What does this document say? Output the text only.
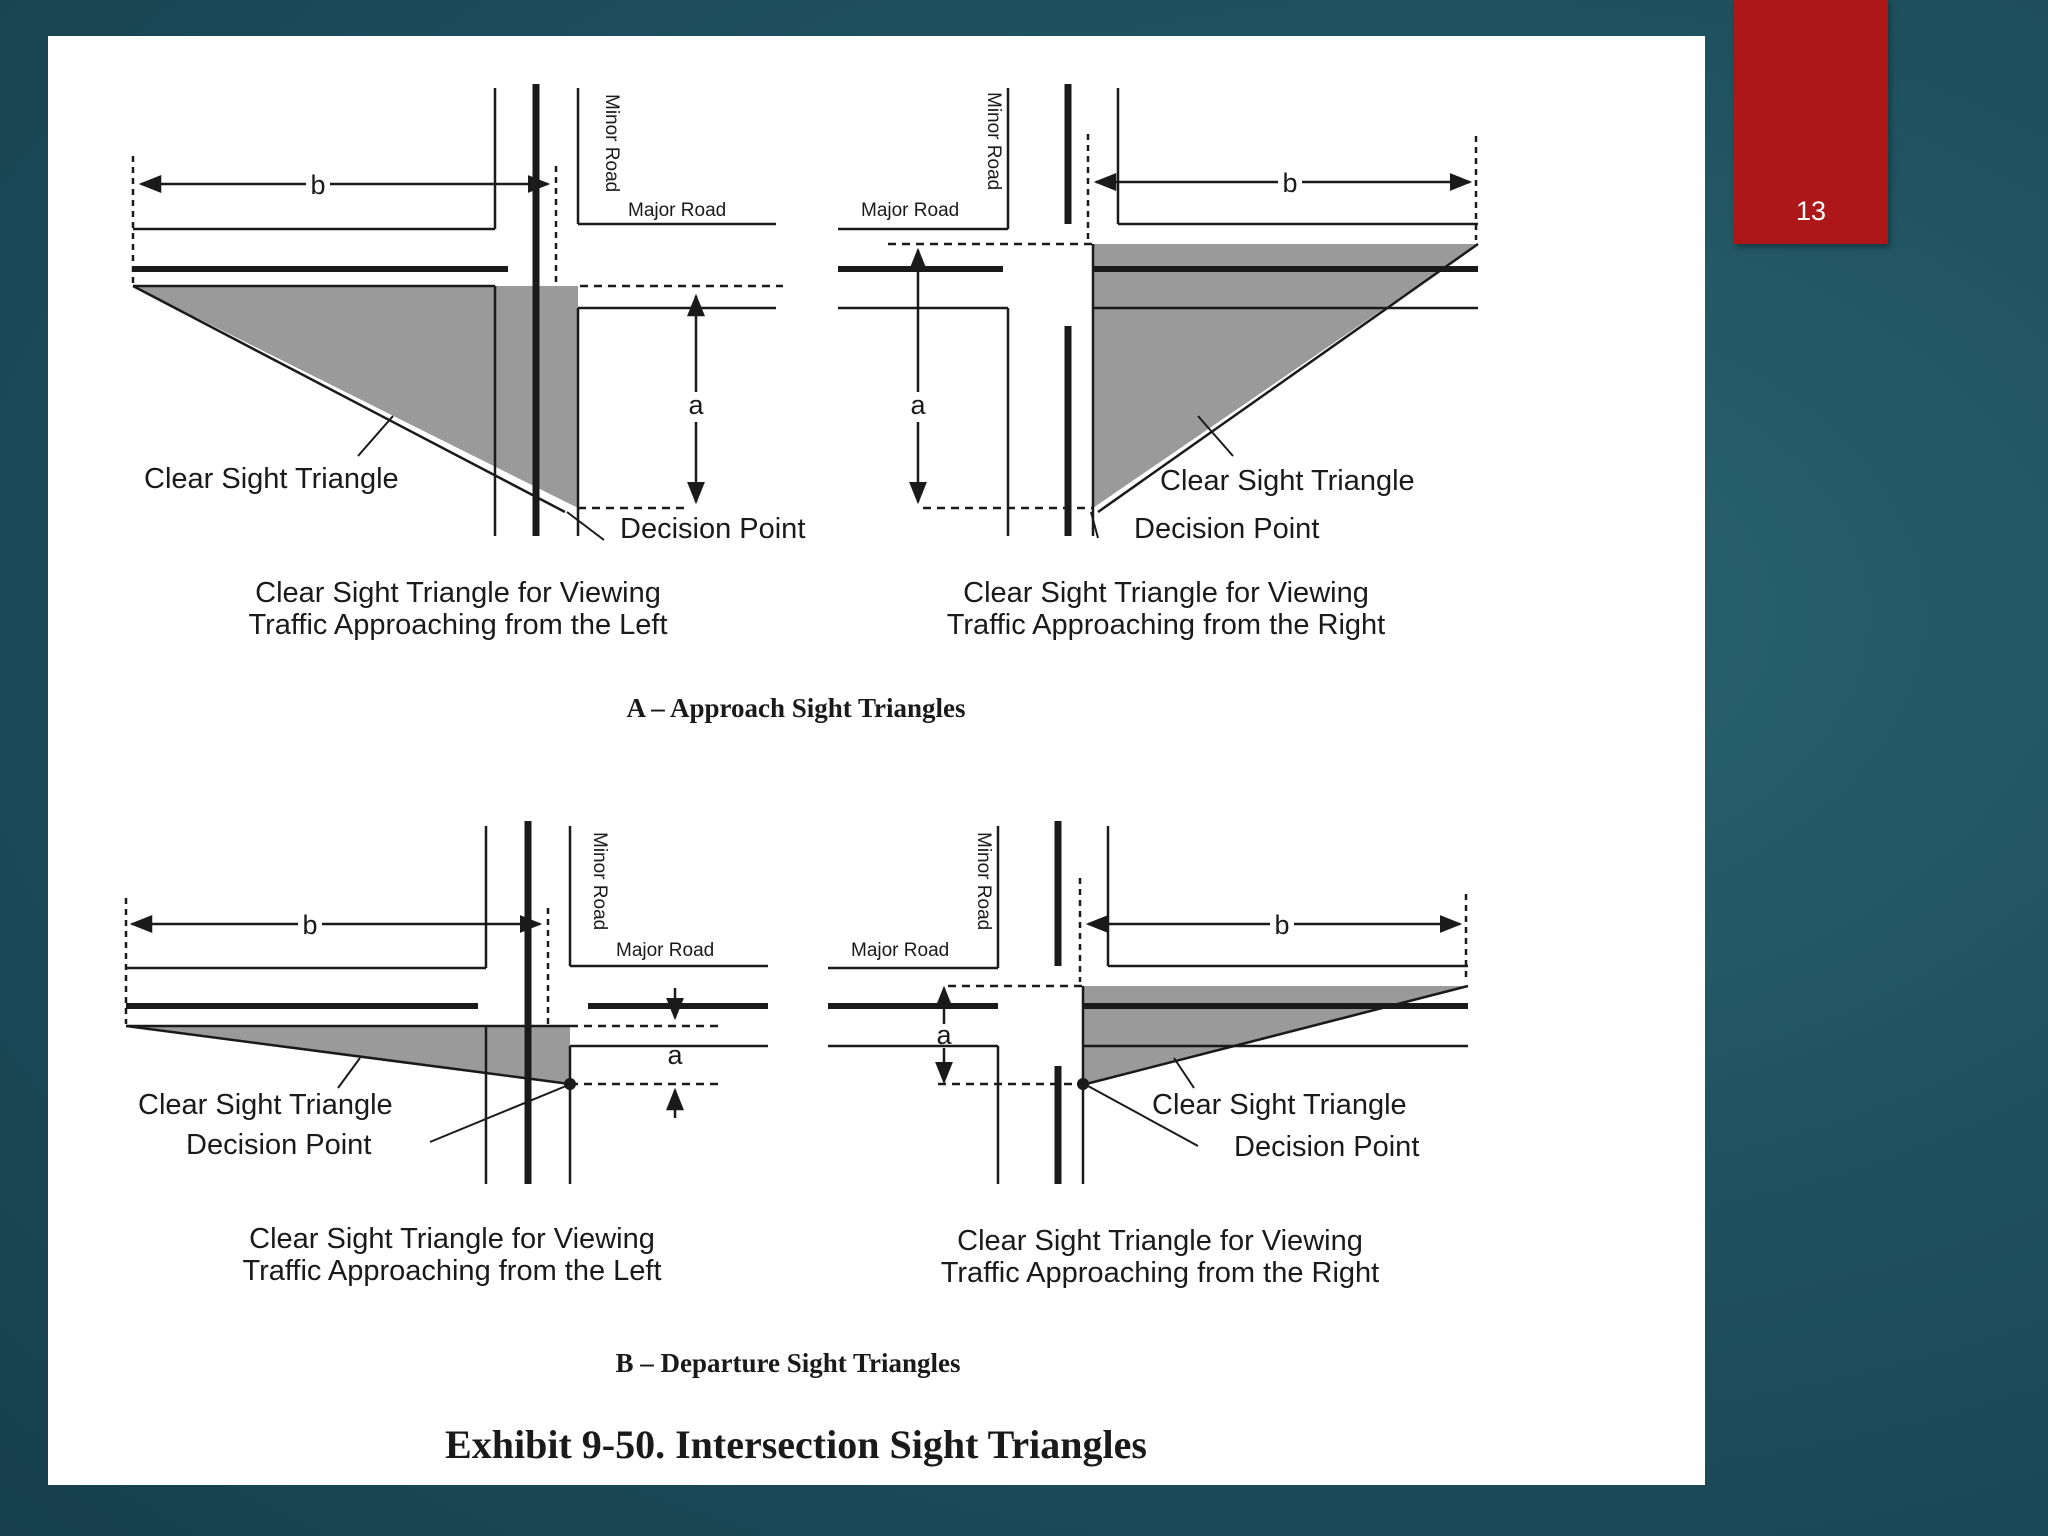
b
a
Minor Road
Major Road
Clear Sight Triangle
Decision Point
Clear Sight Triangle for Viewing
Traffic Approaching from the Left
b
a
Minor Road
Major Road
Clear Sight Triangle
Decision Point
Clear Sight Triangle for Viewing
Traffic Approaching from the Right
A – Approach Sight Triangles
b
a
Minor Road
Major Road
Clear Sight Triangle
Decision Point
Clear Sight Triangle for Viewing
Traffic Approaching from the Left
b
a
Minor Road
Major Road
Clear Sight Triangle
Decision Point
Clear Sight Triangle for Viewing
Traffic Approaching from the Right
B – Departure Sight Triangles
Exhibit 9-50. Intersection Sight Triangles
13
